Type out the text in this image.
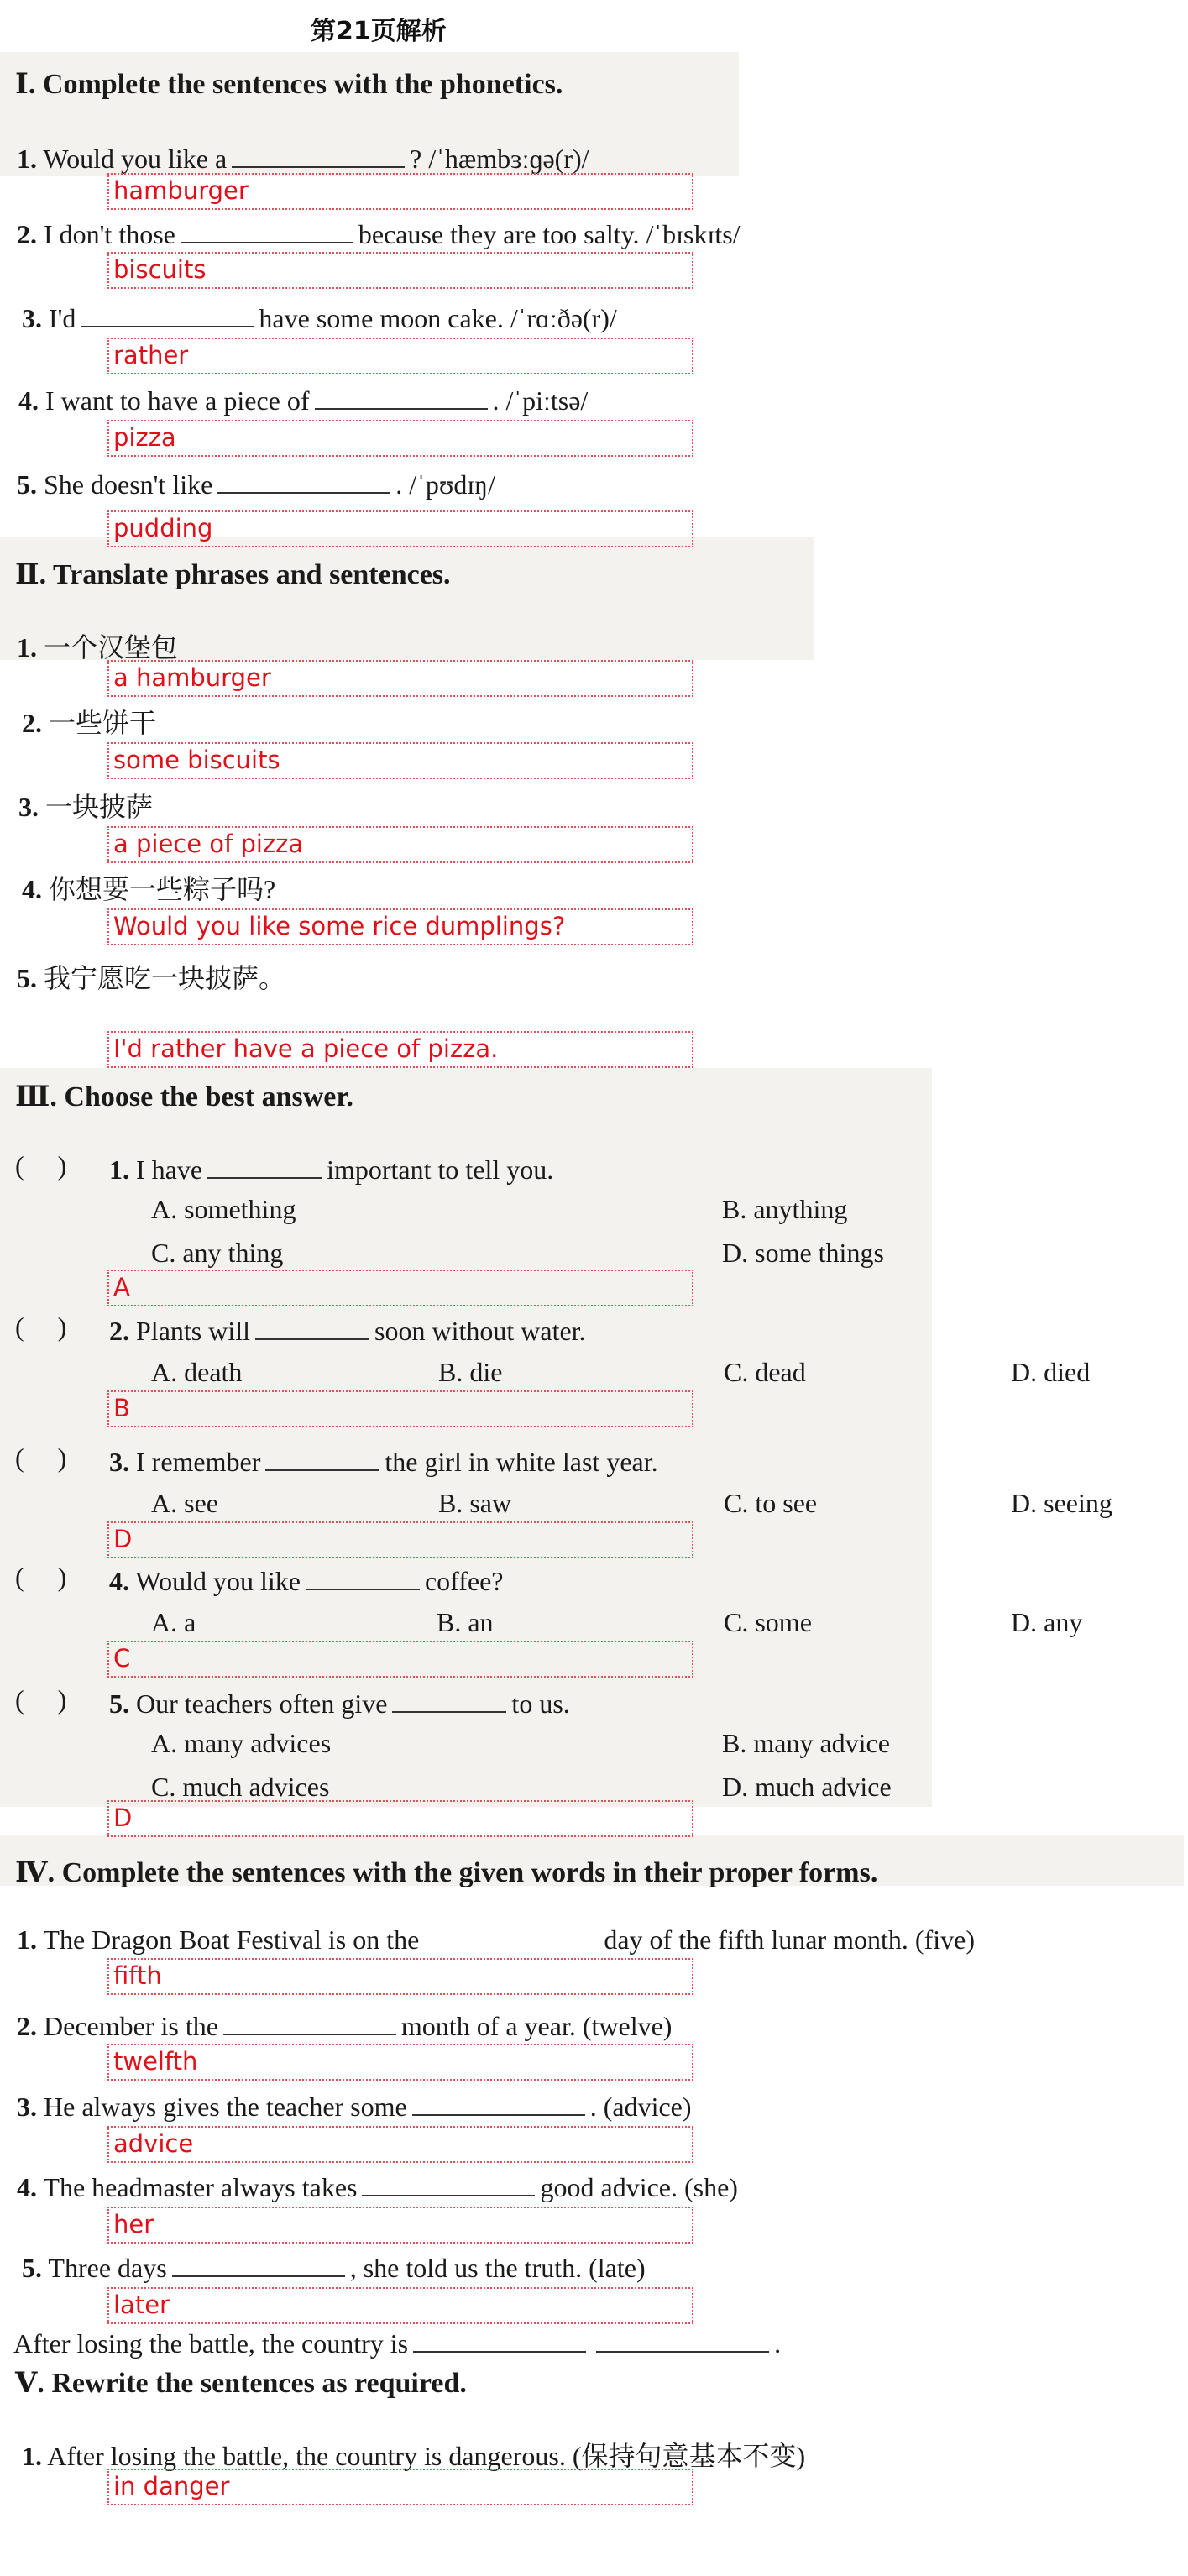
第21页解析
Ⅰ. Complete the sentences with the phonetics.
1. Would you like a	? /ˈhæmbɜːɡə(r)/
hamburger
2. I don't those	because they are too salty. /ˈbɪskɪts/
biscuits
3. I'd	have some moon cake. /ˈrɑːðə(r)/
rather
4. I want to have a piece of	. /ˈpiːtsə/
pizza
5. She doesn't like	. /ˈpʊdɪŋ/
pudding
Ⅱ. Translate phrases and sentences.
1. 一个汉堡包
a hamburger
2. 一些饼干
some biscuits
3. 一块披萨
a piece of pizza
4. 你想要一些粽子吗?
Would you like some rice dumplings?
5. 我宁愿吃一块披萨。
I'd rather have a piece of pizza.
Ⅲ. Choose the best answer.
(     ) 1. I have	important to tell you.
A. something	B. anything
C. any thing	D. some things
A
(     ) 2. Plants will	soon without water.
A. death	B. die	C. dead	D. died
B
(     ) 3. I remember	the girl in white last year.
A. see	B. saw	C. to see	D. seeing
D
(     ) 4. Would you like	coffee?
A. a	B. an	C. some	D. any
C
(     ) 5. Our teachers often give	to us.
A. many advices	B. many advice
C. much advices	D. much advice
D
Ⅳ. Complete the sentences with the given words in their proper forms.
1. The Dragon Boat Festival is on the	day of the fifth lunar month. (five)
fifth
2. December is the	month of a year. (twelve)
twelfth
3. He always gives the teacher some	. (advice)
advice
4. The headmaster always takes	good advice. (she)
her
5. Three days	, she told us the truth. (late)
later
After losing the battle, the country is	.
Ⅴ. Rewrite the sentences as required.
1. After losing the battle, the country is dangerous. (保持句意基本不变)
in danger
